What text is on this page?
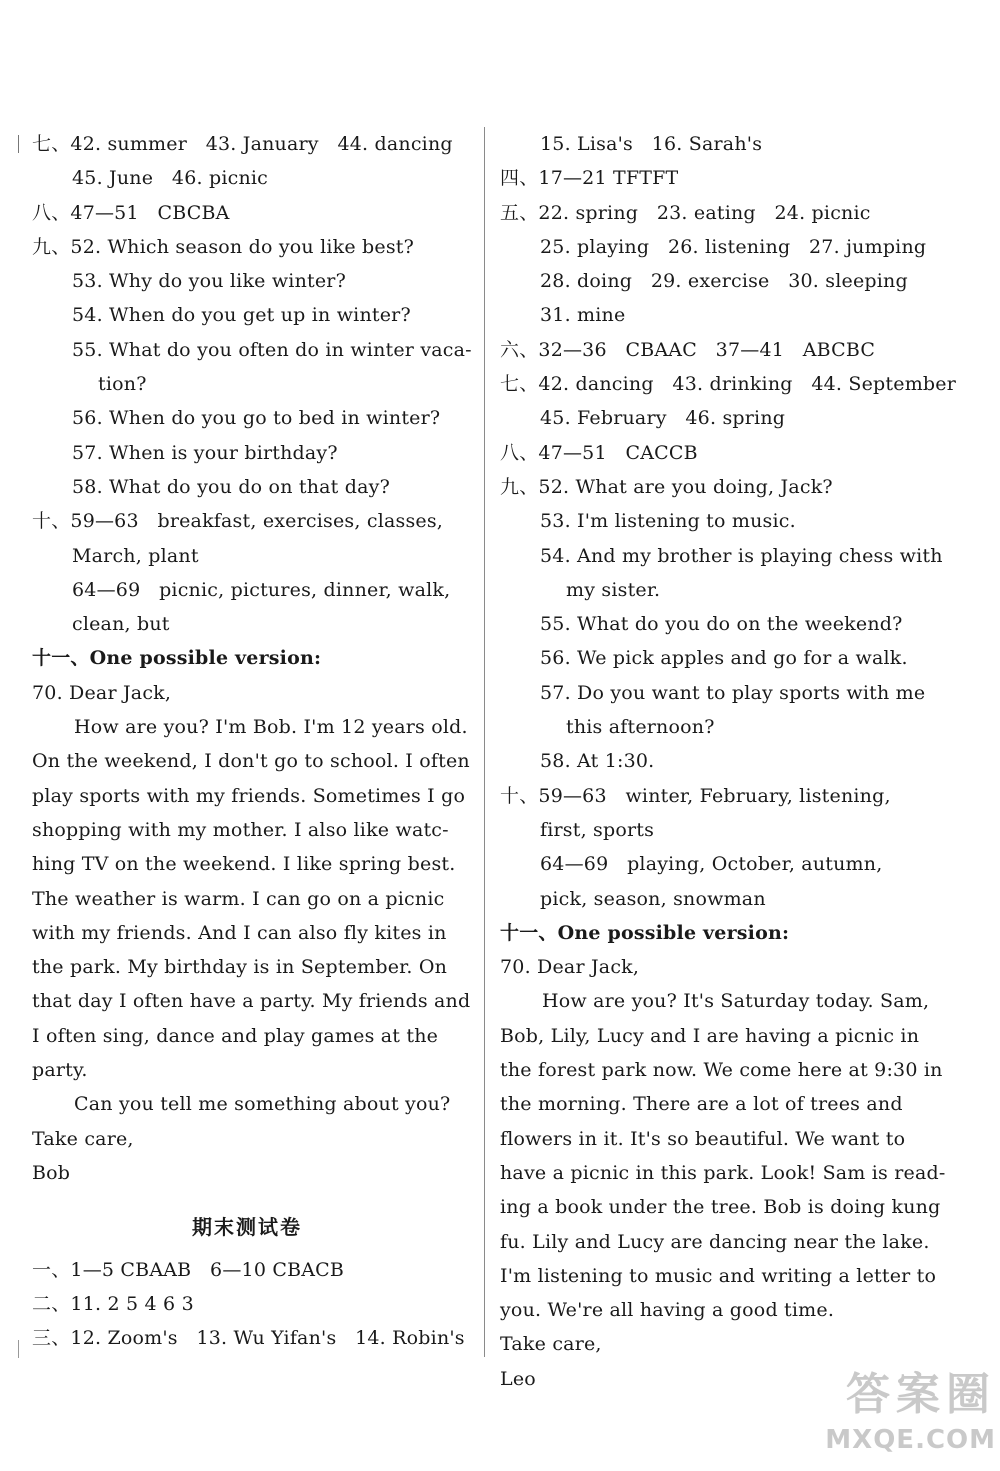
七、42. summer   43. January   44. dancing
45. June   46. picnic
八、47—51   CBCBA
九、52. Which season do you like best?
53. Why do you like winter?
54. When do you get up in winter?
55. What do you often do in winter vaca-
tion?
56. When do you go to bed in winter?
57. When is your birthday?
58. What do you do on that day?
十、59—63   breakfast, exercises, classes,
March, plant
64—69   picnic, pictures, dinner, walk,
clean, but
十一、One possible version:
70. Dear Jack,
How are you? I'm Bob. I'm 12 years old.
On the weekend, I don't go to school. I often
play sports with my friends. Sometimes I go
shopping with my mother. I also like watc-
hing TV on the weekend. I like spring best.
The weather is warm. I can go on a picnic
with my friends. And I can also fly kites in
the park. My birthday is in September. On
that day I often have a party. My friends and
I often sing, dance and play games at the
party.
Can you tell me something about you?
Take care,
Bob
期末测试卷
一、1—5 CBAAB   6—10 CBACB
二、11. 2 5 4 6 3
三、12. Zoom's   13. Wu Yifan's   14. Robin's
15. Lisa's   16. Sarah's
四、17—21 TFTFT
五、22. spring   23. eating   24. picnic
25. playing   26. listening   27. jumping
28. doing   29. exercise   30. sleeping
31. mine
六、32—36   CBAAC   37—41   ABCBC
七、42. dancing   43. drinking   44. September
45. February   46. spring
八、47—51   CACCB
九、52. What are you doing, Jack?
53. I'm listening to music.
54. And my brother is playing chess with
my sister.
55. What do you do on the weekend?
56. We pick apples and go for a walk.
57. Do you want to play sports with me
this afternoon?
58. At 1:30.
十、59—63   winter, February, listening,
first, sports
64—69   playing, October, autumn,
pick, season, snowman
十一、One possible version:
70. Dear Jack,
How are you? It's Saturday today. Sam,
Bob, Lily, Lucy and I are having a picnic in
the forest park now. We come here at 9:30 in
the morning. There are a lot of trees and
flowers in it. It's so beautiful. We want to
have a picnic in this park. Look! Sam is read-
ing a book under the tree. Bob is doing kung
fu. Lily and Lucy are dancing near the lake.
I'm listening to music and writing a letter to
you. We're all having a good time.
Take care,
Leo	答案圈
MXQE.COM
